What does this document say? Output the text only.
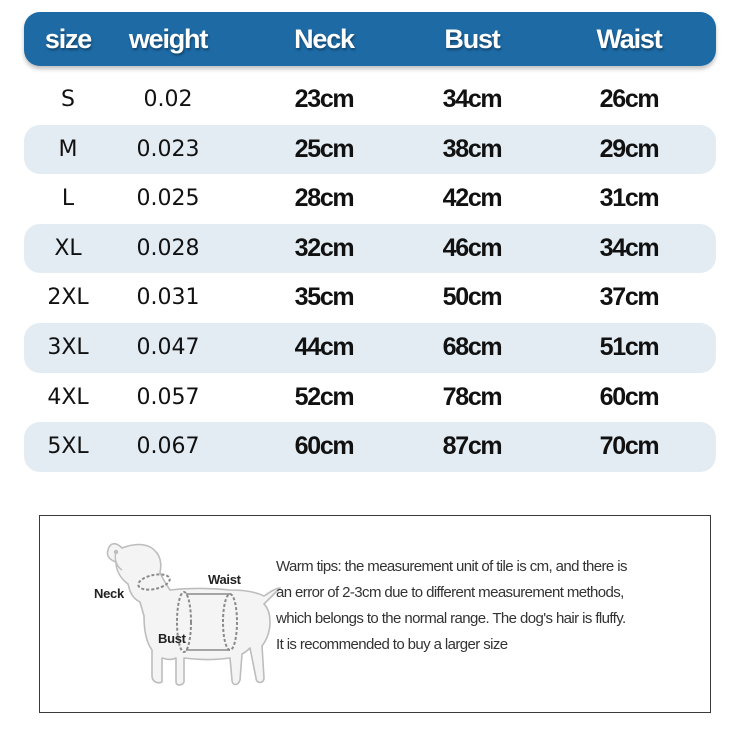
size	weight	Neck	Bust	Waist
S	0.02	23cm	34cm	26cm
M	0.023	25cm	38cm	29cm
L	0.025	28cm	42cm	31cm
XL	0.028	32cm	46cm	34cm
2XL	0.031	35cm	50cm	37cm
3XL	0.047	44cm	68cm	51cm
4XL	0.057	52cm	78cm	60cm
5XL	0.067	60cm	87cm	70cm
Neck
Waist
Bust
Warm tips: the measurement unit of tile is cm, and there is
an error of 2-3cm due to different measurement methods,
which belongs to the normal range. The dog's hair is fluffy.
It is recommended to buy a larger size
